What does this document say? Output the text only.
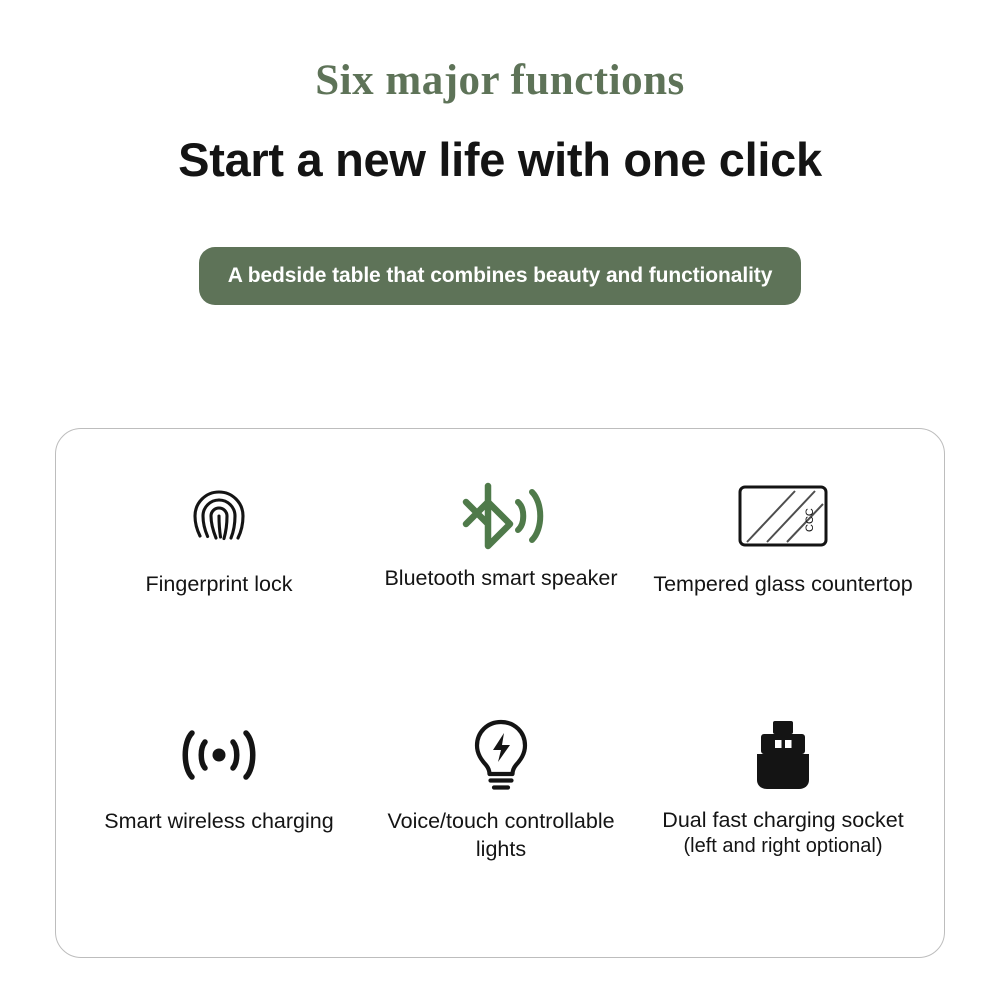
Six major functions
Start a new life with one click
A bedside table that combines beauty and functionality
Fingerprint lock	Bluetooth smart speaker
CCC
Tempered glass countertop
Smart wireless charging	Voice/touch controllable lights
Dual fast charging socket
(left and right optional)
